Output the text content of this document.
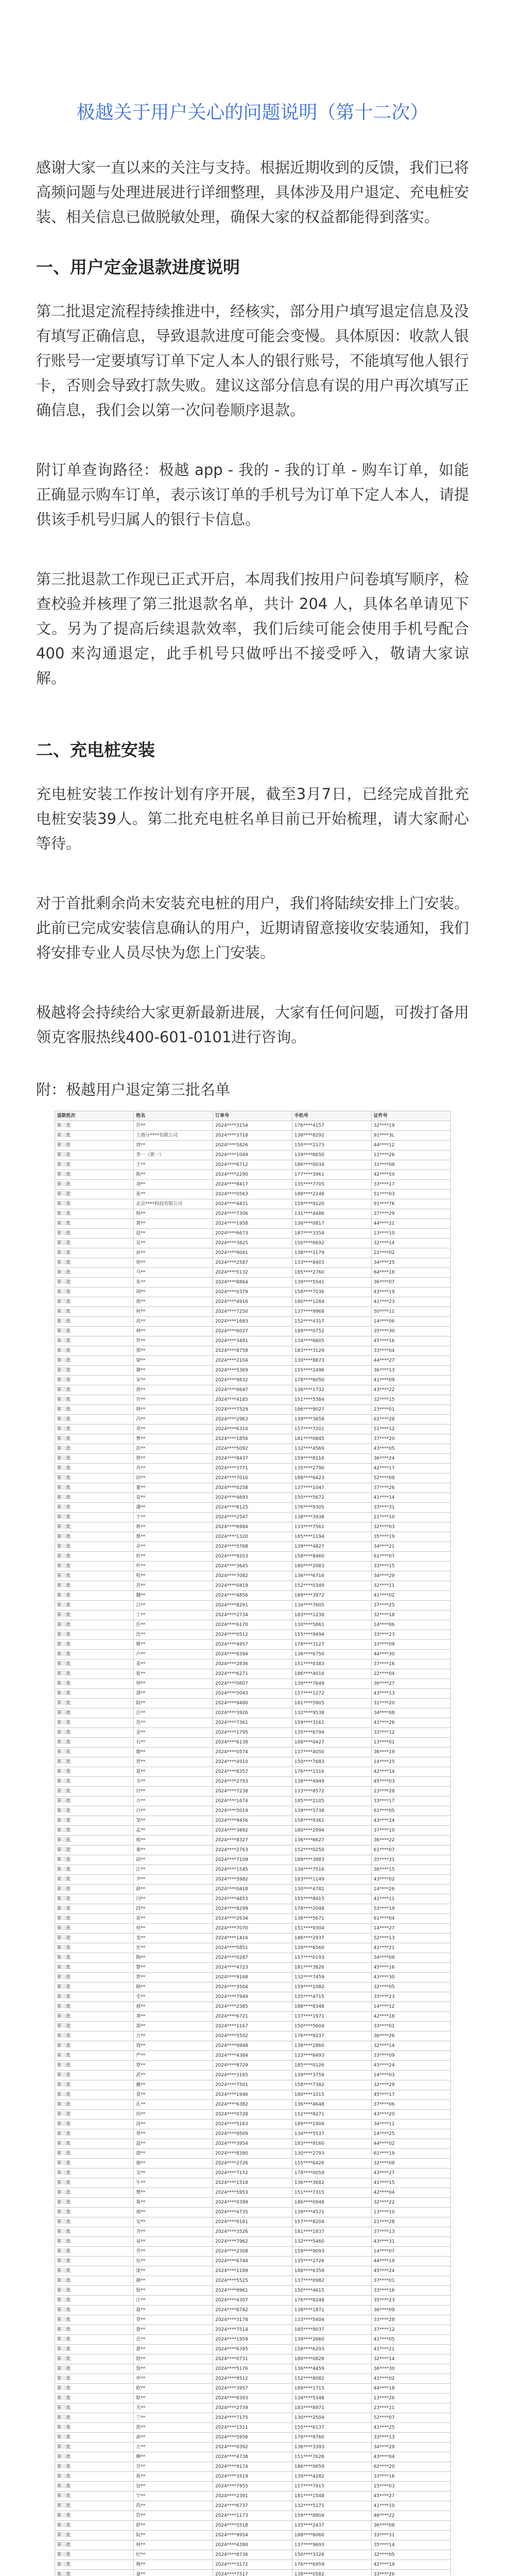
极越关于用户关心的问题说明（第十二次）

感谢大家一直以来的关注与支持。根据近期收到的反馈，我们已将高频问题与处理进展进行详细整理，具体涉及用户退定、充电桩安装、相关信息已做脱敏处理，确保大家的权益都能得到落实。

一、用户定金退款进度说明

第二批退定流程持续推进中，经核实，部分用户填写退定信息及没有填写正确信息，导致退款进度可能会变慢。具体原因：收款人银行账号一定要填写订单下定人本人的银行账号，不能填写他人银行卡，否则会导致打款失败。建议这部分信息有误的用户再次填写正确信息，我们会以第一次问卷顺序退款。

附订单查询路径：极越 app - 我的 - 我的订单 - 购车订单，如能正确显示购车订单，表示该订单的手机号为订单下定人本人，请提供该手机号归属人的银行卡信息。

第三批退款工作现已正式开启，本周我们按用户问卷填写顺序，检查校验并核理了第三批退款名单，共计 204 人，具体名单请见下文。另为了提高后续退款效率，我们后续可能会使用手机号配合 400 来沟通退定，此手机号只做呼出不接受呼入，敬请大家谅解。

二、充电桩安装

充电桩安装工作按计划有序开展，截至3月7日，已经完成首批充电桩安装39人。第二批充电桩名单目前已开始梳理，请大家耐心等待。

对于首批剩余尚未安装充电桩的用户，我们将陆续安排上门安装。此前已完成安装信息确认的用户，近期请留意接收安装通知，我们将安排专业人员尽快为您上门安装。

极越将会持续给大家更新最新进展，大家有任何问题，可拨打备用领克客服热线400-601-0101进行咨询。

附：极越用户退定第三批名单
退款批次	姓名	订单号	手机号	证件号
第三批	许**	2024****3154	176****4157	32****19
第三批	上海分****有限公司	2024****3718	138****8292	91****3L
第三批	周**	2024****5826	150****2173	44****12
第三批	李一（第一）	2024****1049	139****6650	11****26
第三批	王**	2024****6712	186****0034	31****08
第三批	陈**	2024****2290	177****3961	42****5X
第三批	刘**	2024****8417	135****7705	33****17
第三批	张**	2024****0563	188****2248	51****03
第三批	北京****科技有限公司	2024****4431	159****9120	91****7K
第三批	杨**	2024****7306	131****4486	37****29
第三批	黄**	2024****1958	136****0817	44****21
第三批	赵**	2024****6673	187****3354	13****10
第三批	吴**	2024****3825	150****6692	32****14
第三批	孙**	2024****9041	138****1179	21****02
第三批	徐**	2024****2587	133****8403	34****25
第三批	马**	2024****5132	185****2760	64****18
第三批	朱**	2024****8864	139****5541	36****07
第三批	胡**	2024****0379	158****7036	43****19
第三批	郭**	2024****4916	180****1284	41****23
第三批	何**	2024****7250	137****9968	50****11
第三批	高**	2024****1683	152****4317	14****06
第三批	林**	2024****6027	189****0752	35****30
第三批	罗**	2024****3491	134****6605	45****16
第三批	郑**	2024****8758	183****3129	33****04
第三批	梁**	2024****2104	130****8873	44****27
第三批	谢**	2024****5369	155****2496	36****13
第三批	宋**	2024****9832	178****6050	41****09
第三批	唐**	2024****0647	136****1732	43****22
第三批	许**	2024****4185	151****5384	32****15
第三批	韩**	2024****7529	186****9027	23****01
第三批	冯**	2024****2963	139****3658	61****28
第三批	邓**	2024****6310	157****7201	51****12
第三批	曹**	2024****1856	181****0845	37****20
第三批	彭**	2024****5092	132****4569	43****05
第三批	曾**	2024****8437	159****8116	36****24
第三批	肖**	2024****3771	135****2790	42****17
第三批	田**	2024****7016	188****6423	52****08
第三批	董**	2024****0258	137****1047	37****26
第三批	袁**	2024****4693	150****5672	41****14
第三批	潘**	2024****8125	176****9305	33****31
第三批	于**	2024****2547	138****3938	21****10
第三批	蒋**	2024****6984	133****7561	32****03
第三批	蔡**	2024****1320	185****1194	35****19
第三批	余**	2024****5768	139****4827	34****21
第三批	杜**	2024****9203	158****8460	61****07
第三批	叶**	2024****3645	180****2083	33****15
第三批	程**	2024****7082	136****6716	34****29
第三批	苏**	2024****0419	152****0349	32****11
第三批	魏**	2024****4856	189****3972	41****02
第三批	吕**	2024****8291	134****7605	37****25
第三批	丁**	2024****2734	183****1238	32****18
第三批	任**	2024****6170	130****5861	14****06
第三批	沈**	2024****0512	155****9494	33****23
第三批	姚**	2024****4957	178****3127	33****09
第三批	卢**	2024****8394	136****6750	44****30
第三批	姜**	2024****2836	151****0383	37****16
第三批	崔**	2024****6271	186****4016	22****04
第三批	钟**	2024****0607	139****7649	36****27
第三批	谭**	2024****5043	157****1272	43****13
第三批	陆**	2024****9480	181****5905	31****20
第三批	汪**	2024****3926	132****9538	34****08
第三批	范**	2024****7361	159****3161	41****26
第三批	金**	2024****1795	135****6794	33****12
第三批	石**	2024****6138	188****0427	13****01
第三批	廖**	2024****0574	137****4050	36****19
第三批	贾**	2024****4910	150****7683	14****25
第三批	夏**	2024****8357	176****1316	42****14
第三批	韦**	2024****2793	138****4949	45****03
第三批	付**	2024****7238	133****8572	23****28
第三批	方**	2024****1674	185****2105	33****17
第三批	白**	2024****5019	139****5738	61****05
第三批	邹**	2024****9456	158****9361	43****24
第三批	孟**	2024****3892	180****2994	37****10
第三批	熊**	2024****8327	136****6627	36****22
第三批	秦**	2024****2763	152****0250	61****07
第三批	邱**	2024****7109	189****3883	35****31
第三批	江**	2024****1545	134****7516	36****15
第三批	尹**	2024****5982	183****1149	43****02
第三批	薛**	2024****0418	130****4782	14****26
第三批	闫**	2024****4853	155****8415	41****11
第三批	段**	2024****8299	178****2048	53****19
第三批	雷**	2024****2634	136****5671	61****04
第三批	侯**	2024****7070	151****9304	14****27
第三批	龙**	2024****1416	186****2937	52****13
第三批	史**	2024****5851	139****6560	41****21
第三批	陶**	2024****0287	157****0193	34****08
第三批	黎**	2024****4723	181****3826	45****16
第三批	贺**	2024****9168	132****7459	43****30
第三批	顾**	2024****3504	159****1082	32****05
第三批	毛**	2024****7949	135****4715	33****23
第三批	郝**	2024****2385	188****8348	14****12
第三批	龚**	2024****6721	137****1971	42****18
第三批	邵**	2024****1167	150****5604	33****01
第三批	万**	2024****5502	176****9237	36****26
第三批	钱**	2024****9948	138****2860	32****14
第三批	严**	2024****4384	133****6493	33****09
第三批	覃**	2024****8729	185****0126	45****24
第三批	武**	2024****3165	139****3759	14****03
第三批	戴**	2024****7501	158****7382	32****29
第三批	莫**	2024****1946	180****1015	45****17
第三批	孔**	2024****6382	136****4648	37****06
第三批	向**	2024****0728	152****8271	43****20
第三批	汤**	2024****5163	189****1904	34****11
第三批	常**	2024****9509	134****5537	14****25
第三批	温**	2024****3954	183****9160	44****02
第三批	康**	2024****8390	130****2793	61****19
第三批	施**	2024****2726	155****6426	32****08
第三批	文**	2024****7172	178****0059	43****27
第三批	牛**	2024****1518	136****3682	41****15
第三批	樊**	2024****5953	151****7315	42****04
第三批	葛**	2024****0399	186****0948	32****22
第三批	邢**	2024****4735	139****4571	13****10
第三批	安**	2024****9181	157****8204	21****28
第三批	齐**	2024****3526	181****1837	37****13
第三批	易**	2024****7962	132****5460	43****31
第三批	乔**	2024****2308	159****9093	14****07
第三批	伍**	2024****6744	135****2726	44****19
第三批	庞**	2024****1189	188****6359	45****24
第三批	颜**	2024****5525	137****0982	37****01
第三批	倪**	2024****9961	150****4615	33****16
第三批	庄**	2024****4307	176****8248	35****23
第三批	聂**	2024****8742	138****1871	36****09
第三批	章**	2024****3178	133****5404	33****28
第三批	鲁**	2024****7514	185****9037	37****12
第三批	岳**	2024****1959	139****2660	41****05
第三批	翟**	2024****6395	158****6293	41****21
第三批	殷**	2024****0731	180****0826	32****14
第三批	詹**	2024****5176	136****4459	36****30
第三批	申**	2024****9512	152****8082	41****02
第三批	欧**	2024****3957	189****1715	44****18
第三批	耿**	2024****8393	134****5348	13****26
第三批	关**	2024****2739	183****8971	23****11
第三批	兰**	2024****7175	130****2504	52****07
第三批	焦**	2024****1511	155****6137	41****25
第三批	俞**	2024****5956	178****9760	33****13
第三批	左**	2024****0392	136****3393	34****29
第三批	柳**	2024****4738	151****7026	43****04
第三批	甘**	2024****9174	186****0659	62****20
第三批	祝**	2024****3519	139****4282	33****16
第三批	包**	2024****7955	157****7915	15****03
第三批	宁**	2024****2391	181****1548	45****27
第三批	尚**	2024****6737	132****5171	41****10
第三批	符**	2024****1173	159****8804	46****22
第三批	舒**	2024****5518	135****2437	36****08
第三批	阮**	2024****9954	188****6060	33****31
第三批	柯**	2024****4390	137****9693	35****14
第三批	纪**	2024****8736	150****3326	32****05
第三批	梅**	2024****3172	176****6959	42****19
第三批	童**	2024****7517	138****0582	33****26
